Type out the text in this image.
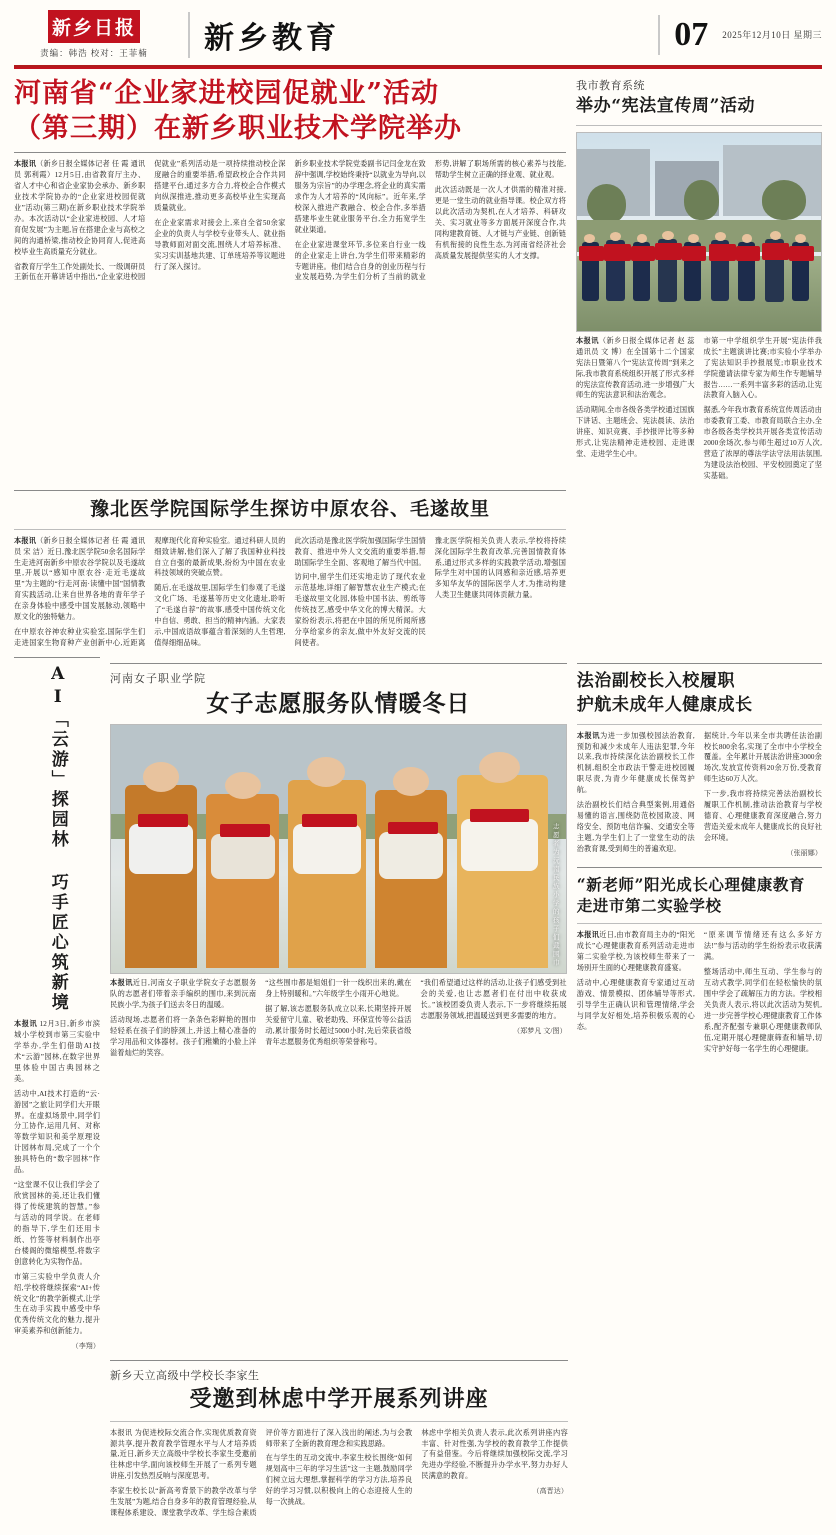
新乡日报
责编：韩浩 校对：王菲楠	新乡教育	07 2025年12月10日 星期三
河南省“企业家进校园促就业”活动
（第三期）在新乡职业技术学院举办

本报讯（新乡日报全媒体记者 任 霞 通讯员 郭利霞）12月5日,由省教育厅主办、省人才中心和省企业家协会承办、新乡职业技术学院协办的“企业家进校园促就业”活动(第三期)在新乡职业技术学院举办。本次活动以“企业家进校园、人才培育促发展”为主题,旨在搭建企业与高校之间的沟通桥梁,推动校企协同育人,促进高校毕业生高质量充分就业。

省教育厅学生工作处副处长、一级调研员王新伍在开幕讲话中指出,“企业家进校园促就业”系列活动是一项持续推动校企深度融合的重要举措,希望政校企合作共同搭建平台,通过多方合力,将校企合作模式向纵深推进,推动更多高校毕业生实现高质量就业。

在企业家需求对接会上,来自全省50余家企业的负责人与学校专业带头人、就业指导教师面对面交流,围绕人才培养标准、实习实训基地共建、订单班培养等议题进行了深入探讨。

新乡职业技术学院党委副书记闫金龙在致辞中强调,学校始终秉持“以就业为导向,以服务为宗旨”的办学理念,将企业的真实需求作为人才培养的“风向标”。近年来,学校深入推进产教融合、校企合作,多举措搭建毕业生就业服务平台,全力拓宽学生就业渠道。

在企业家进课堂环节,多位来自行业一线的企业家走上讲台,为学生们带来精彩的专题讲座。他们结合自身的创业历程与行业发展趋势,为学生们分析了当前的就业形势,讲解了职场所需的核心素养与技能,帮助学生树立正确的择业观、就业观。

此次活动既是一次人才供需的精准对接,更是一堂生动的就业指导课。校企双方将以此次活动为契机,在人才培养、科研攻关、实习就业等多方面展开深度合作,共同构建教育链、人才链与产业链、创新链有机衔接的良性生态,为河南省经济社会高质量发展提供坚实的人才支撑。

我市教育系统
举办“宪法宣传周”活动

本报讯（新乡日报全媒体记者 赵 蕊 通讯员 文 博）在全国第十二个国家宪法日暨第八个“宪法宣传周”到来之际,我市教育系统组织开展了形式多样的宪法宣传教育活动,进一步增强广大师生的宪法意识和法治观念。

活动期间,全市各级各类学校通过国旗下讲话、主题班会、宪法晨读、法治讲座、知识竞赛、手抄报评比等多种形式,让宪法精神走进校园、走进课堂、走进学生心中。

市第一中学组织学生开展“宪法伴我成长”主题演讲比赛;市实验小学举办了宪法知识手抄报展览;市职业技术学院邀请法律专家为师生作专题辅导报告……一系列丰富多彩的活动,让宪法教育入脑入心。

据悉,今年我市教育系统宣传周活动由市委教育工委、市教育局联合主办,全市各级各类学校共开展各类宣传活动2000余场次,参与师生超过10万人次,营造了浓厚的尊法学法守法用法氛围,为建设法治校园、平安校园奠定了坚实基础。

豫北医学院国际学生探访中原农谷、毛遂故里

本报讯（新乡日报全媒体记者 任 霞 通讯员 宋 洁）近日,豫北医学院50余名国际学生走进河南新乡中原农谷学院以及毛遂故里,开展以“感知中原农谷·走近毛遂故里”为主题的“行走河南·读懂中国”国情教育实践活动,让来自世界各地的青年学子在亲身体验中感受中国发展脉动,领略中原文化的独特魅力。

在中原农谷神农种业实验室,国际学生们走进国家生物育种产业创新中心,近距离观摩现代化育种实验室。通过科研人员的细致讲解,他们深入了解了我国种业科技自立自强的最新成果,纷纷为中国在农业科技领域的突破点赞。

随后,在毛遂故里,国际学生们参观了毛遂文化广场、毛遂墓等历史文化遗址,聆听了“毛遂自荐”的故事,感受中国传统文化中自信、勇敢、担当的精神内涵。大家表示,中国成语故事蕴含着深刻的人生哲理,值得细细品味。

此次活动是豫北医学院加强国际学生国情教育、推进中外人文交流的重要举措,帮助国际学生全面、客观地了解当代中国。

访问中,留学生们还实地走访了现代农业示范基地,详细了解智慧农业生产模式;在毛遂故里文化园,体验中国书法、剪纸等传统技艺,感受中华文化的博大精深。大家纷纷表示,将把在中国的所见所闻所感分享给家乡的亲友,做中外友好交流的民间使者。

豫北医学院相关负责人表示,学校将持续深化国际学生教育改革,完善国情教育体系,通过形式多样的实践教学活动,增强国际学生对中国的认同感和亲近感,培养更多知华友华的国际医学人才,为推动构建人类卫生健康共同体贡献力量。

AI「云游」探园林 巧手匠心筑新境

本报讯 12月3日,新乡市滨城小学校到市第三实验中学举办,学生们借助AI技术“云游”园林,在数字世界里体验中国古典园林之美。

活动中,AI技术打造的“云·游园”之旅让同学们大开眼界。在虚拟场景中,同学们分工协作,运用几何、对称等数学知识和美学原理设计园林布局,完成了一个个独具特色的“数字园林”作品。

“这堂课不仅让我们学会了欣赏园林的美,还让我们懂得了传统建筑的智慧。”参与活动的同学说。在老师的指导下,学生们还用卡纸、竹签等材料制作出亭台楼阁的微缩模型,将数字创意转化为实物作品。

市第三实验中学负责人介绍,学校将继续探索“AI+传统文化”的教学新模式,让学生在动手实践中感受中华优秀传统文化的魅力,提升审美素养和创新能力。

（李翔）
河南女子职业学院
女子志愿服务队情暖冬日
志愿者为沅南民族小学的孩子们戴围巾

本报讯近日,河南女子职业学院女子志愿服务队的志愿者们带着亲手编织的围巾,来到沅南民族小学,为孩子们送去冬日的温暖。

活动现场,志愿者们将一条条色彩鲜艳的围巾轻轻系在孩子们的脖颈上,并送上精心准备的学习用品和文体器材。孩子们稚嫩的小脸上洋溢着灿烂的笑容。

“这些围巾都是姐姐们一针一线织出来的,戴在身上特别暖和。”六年级学生小雨开心地说。

据了解,该志愿服务队成立以来,长期坚持开展关爱留守儿童、敬老助残、环保宣传等公益活动,累计服务时长超过5000小时,先后荣获省级青年志愿服务优秀组织等荣誉称号。

“我们希望通过这样的活动,让孩子们感受到社会的关爱,也让志愿者们在付出中收获成长。”该校团委负责人表示,下一步将继续拓展志愿服务领域,把温暖送到更多需要的地方。

（郑梦凡 文/图）
法治副校长入校履职
护航未成年人健康成长

本报讯为进一步加强校园法治教育,预防和减少未成年人违法犯罪,今年以来,我市持续深化法治副校长工作机制,组织全市政法干警走进校园履职尽责,为青少年健康成长保驾护航。

法治副校长们结合典型案例,用通俗易懂的语言,围绕防范校园欺凌、网络安全、预防电信诈骗、交通安全等主题,为学生们上了一堂堂生动的法治教育课,受到师生的普遍欢迎。

据统计,今年以来全市共聘任法治副校长800余名,实现了全市中小学校全覆盖。全年累计开展法治讲座3000余场次,发放宣传资料20余万份,受教育师生达60万人次。

下一步,我市将持续完善法治副校长履职工作机制,推动法治教育与学校德育、心理健康教育深度融合,努力营造关爱未成年人健康成长的良好社会环境。

（张丽娜）
“新老师”阳光成长心理健康教育
走进市第二实验学校

本报讯近日,由市教育局主办的“阳光成长”心理健康教育系列活动走进市第二实验学校,为该校师生带来了一场别开生面的心理健康教育盛宴。

活动中,心理健康教育专家通过互动游戏、情景模拟、团体辅导等形式,引导学生正确认识和管理情绪,学会与同学友好相处,培养积极乐观的心态。

“原来调节情绪还有这么多好方法!”参与活动的学生纷纷表示收获满满。

整场活动中,师生互动、学生参与的互动式教学,同学们在轻松愉快的氛围中学会了疏解压力的方法。学校相关负责人表示,将以此次活动为契机,进一步完善学校心理健康教育工作体系,配齐配强专兼职心理健康教师队伍,定期开展心理健康筛查和辅导,切实守护好每一名学生的心理健康。

新乡天立高级中学校长李家生
受邀到林虑中学开展系列讲座

本报讯 为促进校际交流合作,实现优质教育资源共享,提升教育教学管理水平与人才培养质量,近日,新乡天立高级中学校长李家生受邀前往林虑中学,面向该校师生开展了一系列专题讲座,引发热烈反响与深度思考。

李家生校长以“新高考背景下的教学改革与学生发展”为题,结合自身多年的教育管理经验,从课程体系建设、课堂教学改革、学生综合素质评价等方面进行了深入浅出的阐述,为与会教师带来了全新的教育理念和实践思路。

在与学生的互动交流中,李家生校长围绕“如何规划高中三年的学习生活”这一主题,鼓励同学们树立远大理想,掌握科学的学习方法,培养良好的学习习惯,以积极向上的心态迎接人生的每一次挑战。

林虑中学相关负责人表示,此次系列讲座内容丰富、针对性强,为学校的教育教学工作提供了有益借鉴。今后将继续加强校际交流,学习先进办学经验,不断提升办学水平,努力办好人民满意的教育。

（高晋达）
